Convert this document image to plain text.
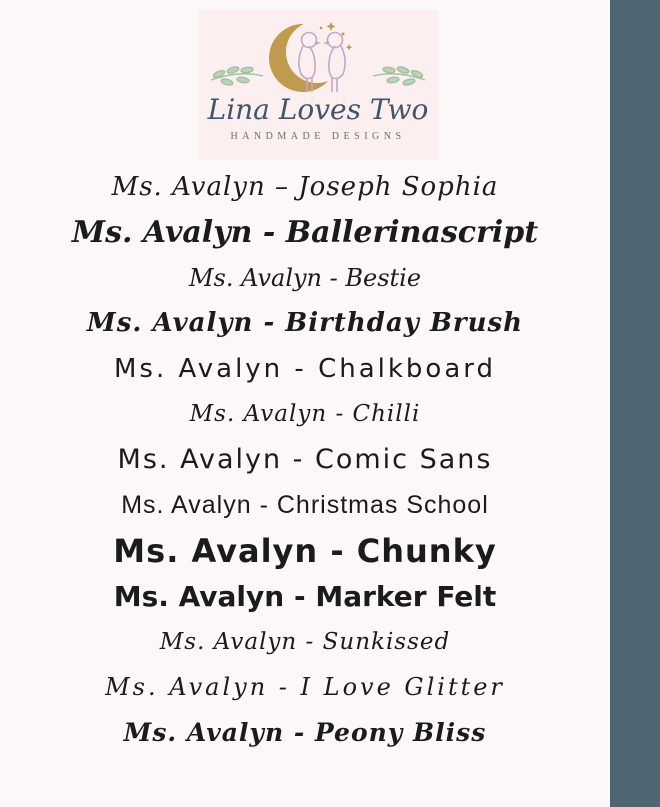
Lina Loves Two
HANDMADE DESIGNS
Ms. Avalyn – Joseph Sophia
Ms. Avalyn - Ballerinascript
Ms. Avalyn - Bestie
Ms. Avalyn - Birthday Brush
Ms. Avalyn - Chalkboard
Ms. Avalyn - Chilli
Ms. Avalyn - Comic Sans
Ms. Avalyn - Christmas School
Ms. Avalyn - Chunky
Ms. Avalyn - Marker Felt
Ms. Avalyn - Sunkissed
Ms. Avalyn - I Love Glitter
Ms. Avalyn - Peony Bliss
